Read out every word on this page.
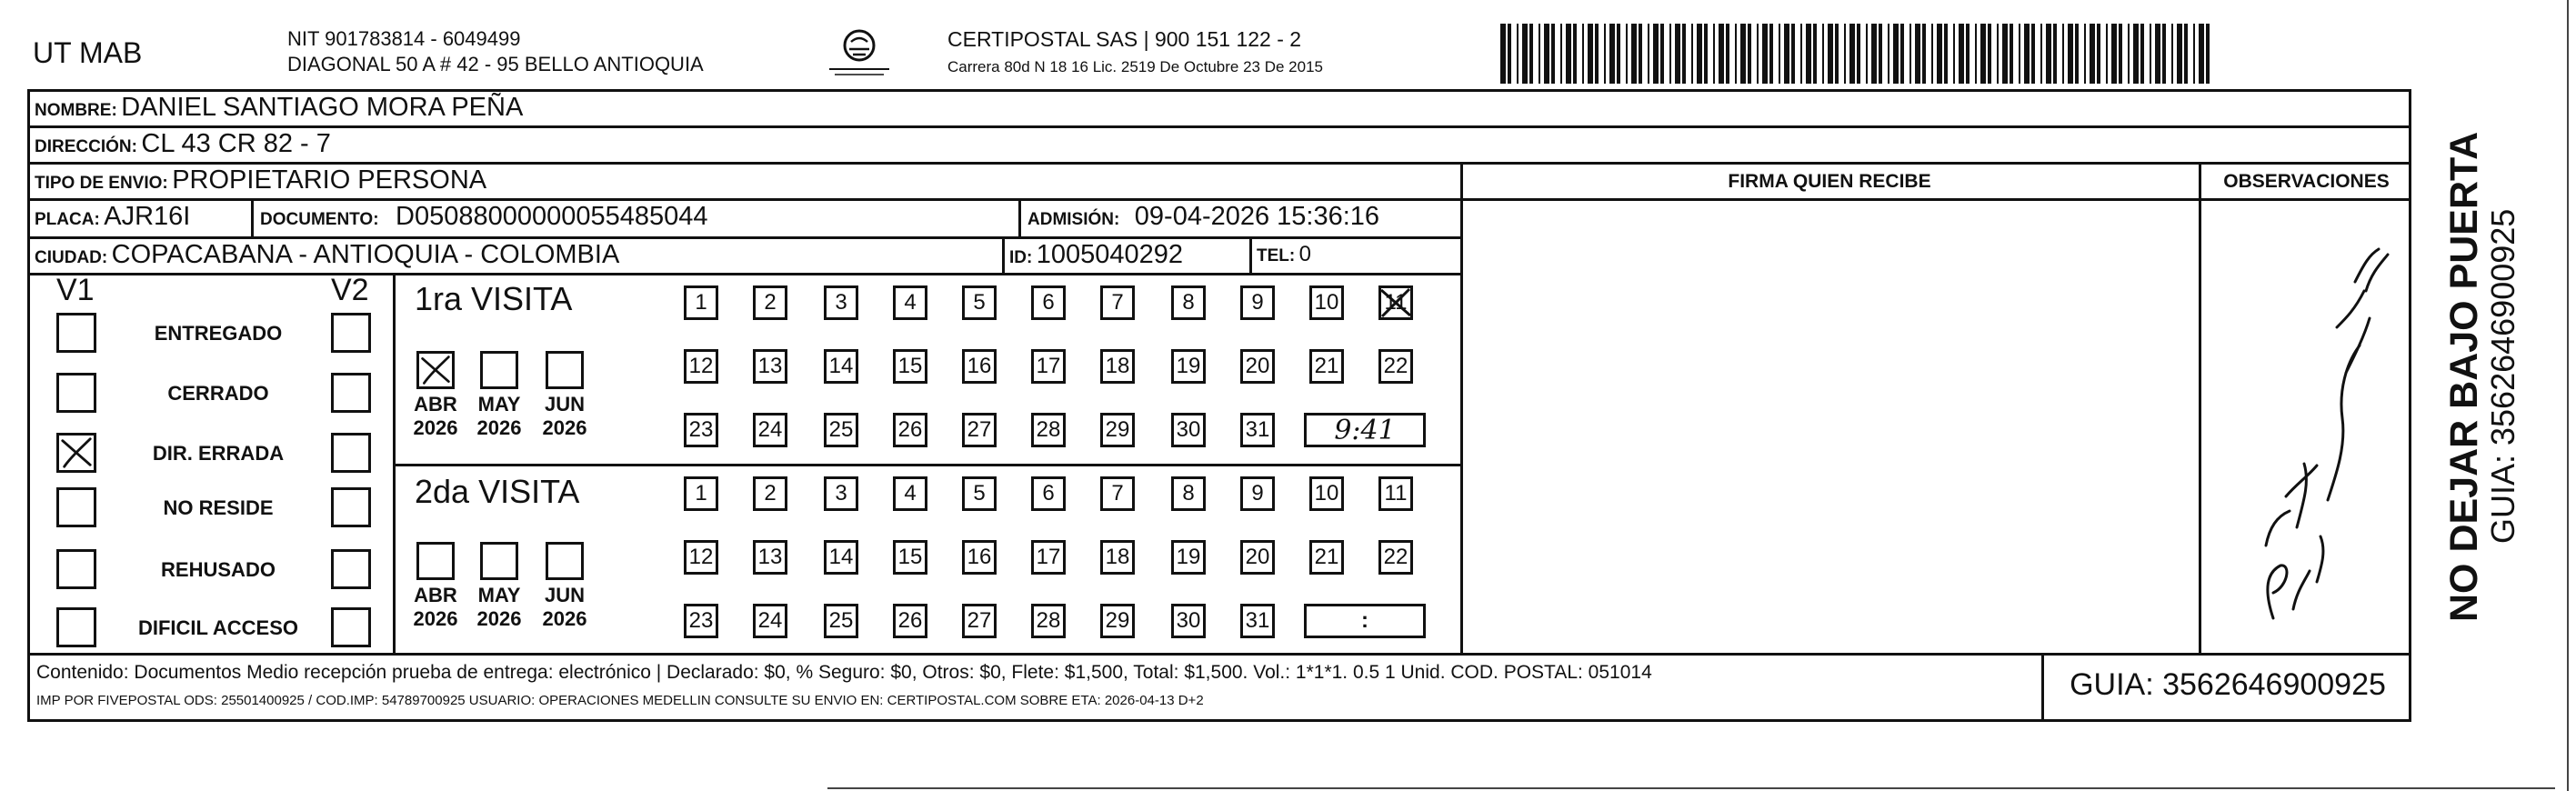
UT MAB	NIT 901783814 - 6049499
DIAGONAL 50 A # 42 - 95 BELLO ANTIOQUIA
CERTIPOSTAL SAS | 900 151 122 - 2
Carrera 80d N 18 16 Lic. 2519 De Octubre 23 De 2015
NOMBRE: DANIEL SANTIAGO MORA PEÑA
DIRECCIÓN: CL 43 CR 82 - 7
TIPO DE ENVIO: PROPIETARIO PERSONA	FIRMA QUIEN RECIBE	OBSERVACIONES
PLACA: AJR16I	DOCUMENTO: D05088000000055485044	ADMISIÓN: 09-04-2026 15:36:16
CIUDAD: COPACABANA - ANTIOQUIA - COLOMBIA	ID: 1005040292	TEL: 0
V1	V2
ENTREGADO
CERRADO
DIR. ERRADA
NO RESIDE
REHUSADO
DIFICIL ACCESO
1ra VISITA
2da VISITA
ABR
2026
MAY
2026
JUN
2026
ABR
2026
MAY
2026
JUN
2026
1	2	3	4	5	6	7	8	9 10 11
12 13 14 15 16 17 18 19 20 21 22
23 24 25 26 27 28 29 30 31 9:41
1	2	3	4	5	6	7	8	9 10 11
12 13 14 15 16 17 18 19 20 21 22
23 24 25 26 27 28 29 30 31	:
Contenido: Documentos Medio recepción prueba de entrega: electrónico | Declarado: $0, % Seguro: $0, Otros: $0, Flete: $1,500, Total: $1,500. Vol.: 1*1*1. 0.5 1 Unid. COD. POSTAL: 051014
IMP POR FIVEPOSTAL ODS: 25501400925 / COD.IMP: 54789700925 USUARIO: OPERACIONES MEDELLIN CONSULTE SU ENVIO EN: CERTIPOSTAL.COM SOBRE ETA: 2026-04-13 D+2	GUIA: 3562646900925
NO DEJAR BAJO PUERTA
GUIA: 3562646900925
